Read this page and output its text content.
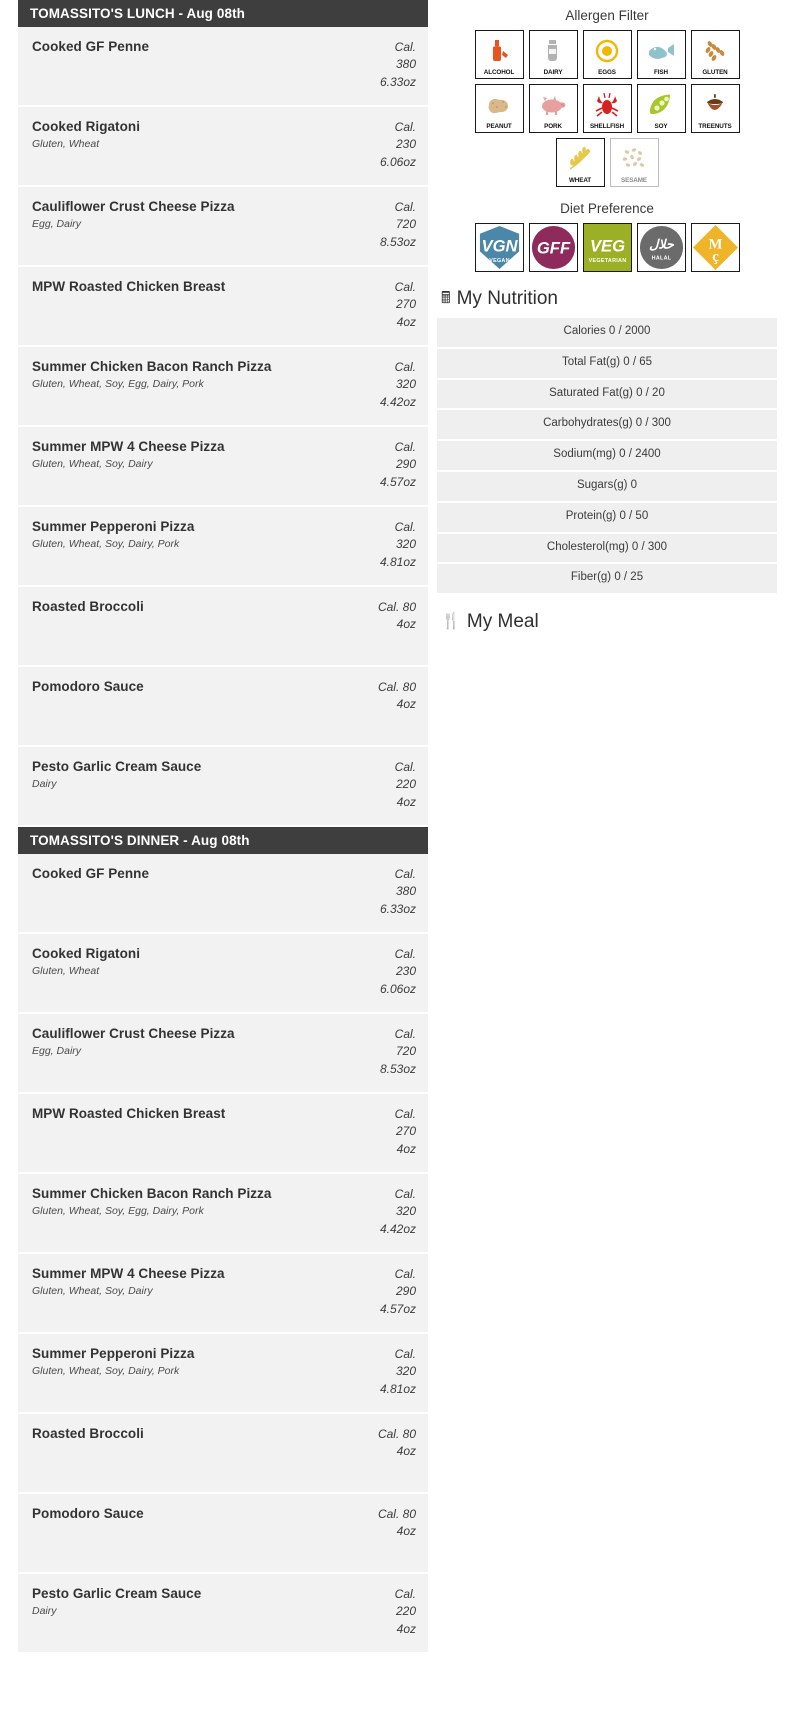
TOMASSITO'S LUNCH - Aug 08th
Cooked GF Penne	Cal.
380
6.33oz
Cooked Rigatoni
Gluten, Wheat
Cal.
230
6.06oz
Cauliflower Crust Cheese Pizza
Egg, Dairy
Cal.
720
8.53oz
MPW Roasted Chicken Breast	Cal.
270
4oz
Summer Chicken Bacon Ranch Pizza
Gluten, Wheat, Soy, Egg, Dairy, Pork
Cal.
320
4.42oz
Summer MPW 4 Cheese Pizza
Gluten, Wheat, Soy, Dairy
Cal.
290
4.57oz
Summer Pepperoni Pizza
Gluten, Wheat, Soy, Dairy, Pork
Cal.
320
4.81oz
Roasted Broccoli	Cal. 80
4oz
Pomodoro Sauce	Cal. 80
4oz
Pesto Garlic Cream Sauce
Dairy
Cal.
220
4oz
TOMASSITO'S DINNER - Aug 08th
Cooked GF Penne	Cal.
380
6.33oz
Cooked Rigatoni
Gluten, Wheat
Cal.
230
6.06oz
Cauliflower Crust Cheese Pizza
Egg, Dairy
Cal.
720
8.53oz
MPW Roasted Chicken Breast	Cal.
270
4oz
Summer Chicken Bacon Ranch Pizza
Gluten, Wheat, Soy, Egg, Dairy, Pork
Cal.
320
4.42oz
Summer MPW 4 Cheese Pizza
Gluten, Wheat, Soy, Dairy
Cal.
290
4.57oz
Summer Pepperoni Pizza
Gluten, Wheat, Soy, Dairy, Pork
Cal.
320
4.81oz
Roasted Broccoli	Cal. 80
4oz
Pomodoro Sauce	Cal. 80
4oz
Pesto Garlic Cream Sauce
Dairy
Cal.
220
4oz
Allergen Filter
ALCOHOL	DAIRY	EGGS	FISH	GLUTEN
PEANUT	PORK	SHELLFISH	SOY	TREENUTS
WHEAT	SESAME
Diet Preference
VGN
VEGAN
GFF VEG
VEGETARIAN
حلال
HALAL
M
ç
🖩 My Nutrition
Calories 0 / 2000
Total Fat(g) 0 / 65
Saturated Fat(g) 0 / 20
Carbohydrates(g) 0 / 300
Sodium(mg) 0 / 2400
Sugars(g) 0
Protein(g) 0 / 50
Cholesterol(mg) 0 / 300
Fiber(g) 0 / 25
🍴 My Meal
